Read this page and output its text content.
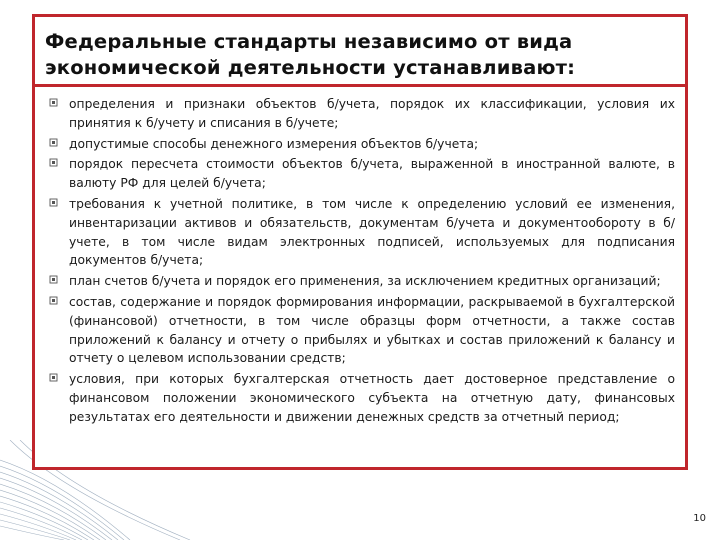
Федеральные стандарты независимо от вида экономической деятельности устанавливают:
определения и признаки объектов б/учета, порядок их классификации, условия их принятия к б/учету и списания в б/учете;
допустимые способы денежного измерения объектов б/учета;
порядок пересчета стоимости объектов б/учета, выраженной в иностранной валюте, в валюту РФ для целей б/учета;
требования к учетной политике, в том числе к определению условий ее изменения, инвентаризации активов и обязательств, документам б/учета и документообороту в б/учете, в том числе видам электронных подписей, используемых для подписания документов б/учета;
план счетов б/учета и порядок его применения, за исключением кредитных организаций;
состав, содержание и порядок формирования информации, раскрываемой в бухгалтерской (финансовой) отчетности, в том числе образцы форм отчетности, а также состав приложений к балансу и отчету о прибылях и убытках и состав приложений к балансу и отчету о целевом использовании средств;
условия, при которых бухгалтерская отчетность дает достоверное представление о финансовом положении экономического субъекта на отчетную дату, финансовых результатах его деятельности и движении денежных средств за отчетный период;
10
